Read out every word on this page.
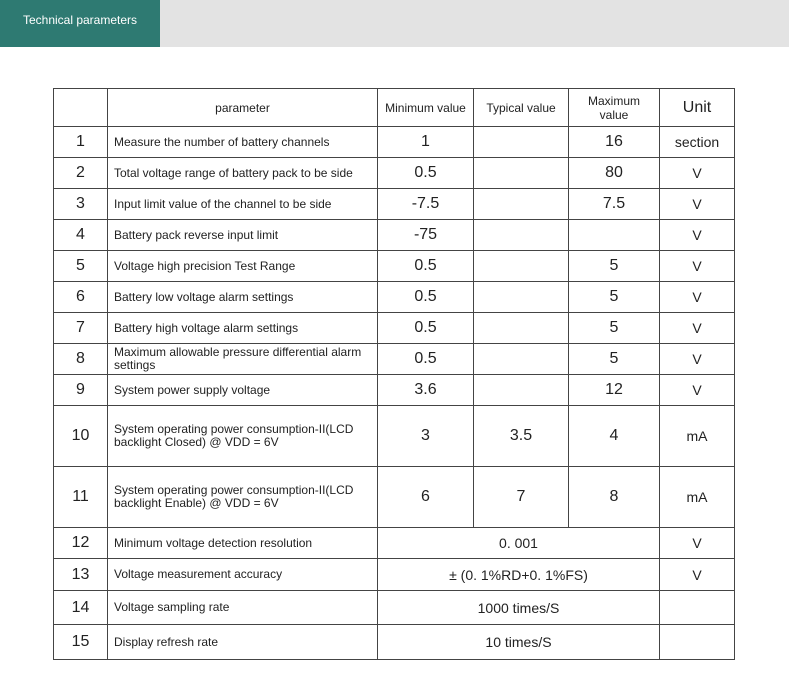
Technical parameters
	parameter	Minimum value	Typical value	Maximum value	Unit
1	Measure the number of battery channels	1		16	section
2	Total voltage range of battery pack to be side	0.5		80	V
3	Input limit value of the channel to be side	-7.5		7.5	V
4	Battery pack reverse input limit	-75			V
5	Voltage high precision Test Range	0.5		5	V
6	Battery low voltage alarm settings	0.5		5	V
7	Battery high voltage alarm settings	0.5		5	V
8	Maximum allowable pressure differential alarm settings	0.5		5	V
9	System power supply voltage	3.6		12	V
10	System operating power consumption-II(LCD backlight Closed) @ VDD = 6V	3	3.5	4	mA
11	System operating power consumption-II(LCD backlight Enable) @ VDD = 6V	6	7	8	mA
12	Minimum voltage detection resolution	0. 001			V
13	Voltage measurement accuracy	± (0. 1%RD+0. 1%FS)			V
14	Voltage sampling rate	1000 times/S			
15	Display refresh rate	10 times/S			
